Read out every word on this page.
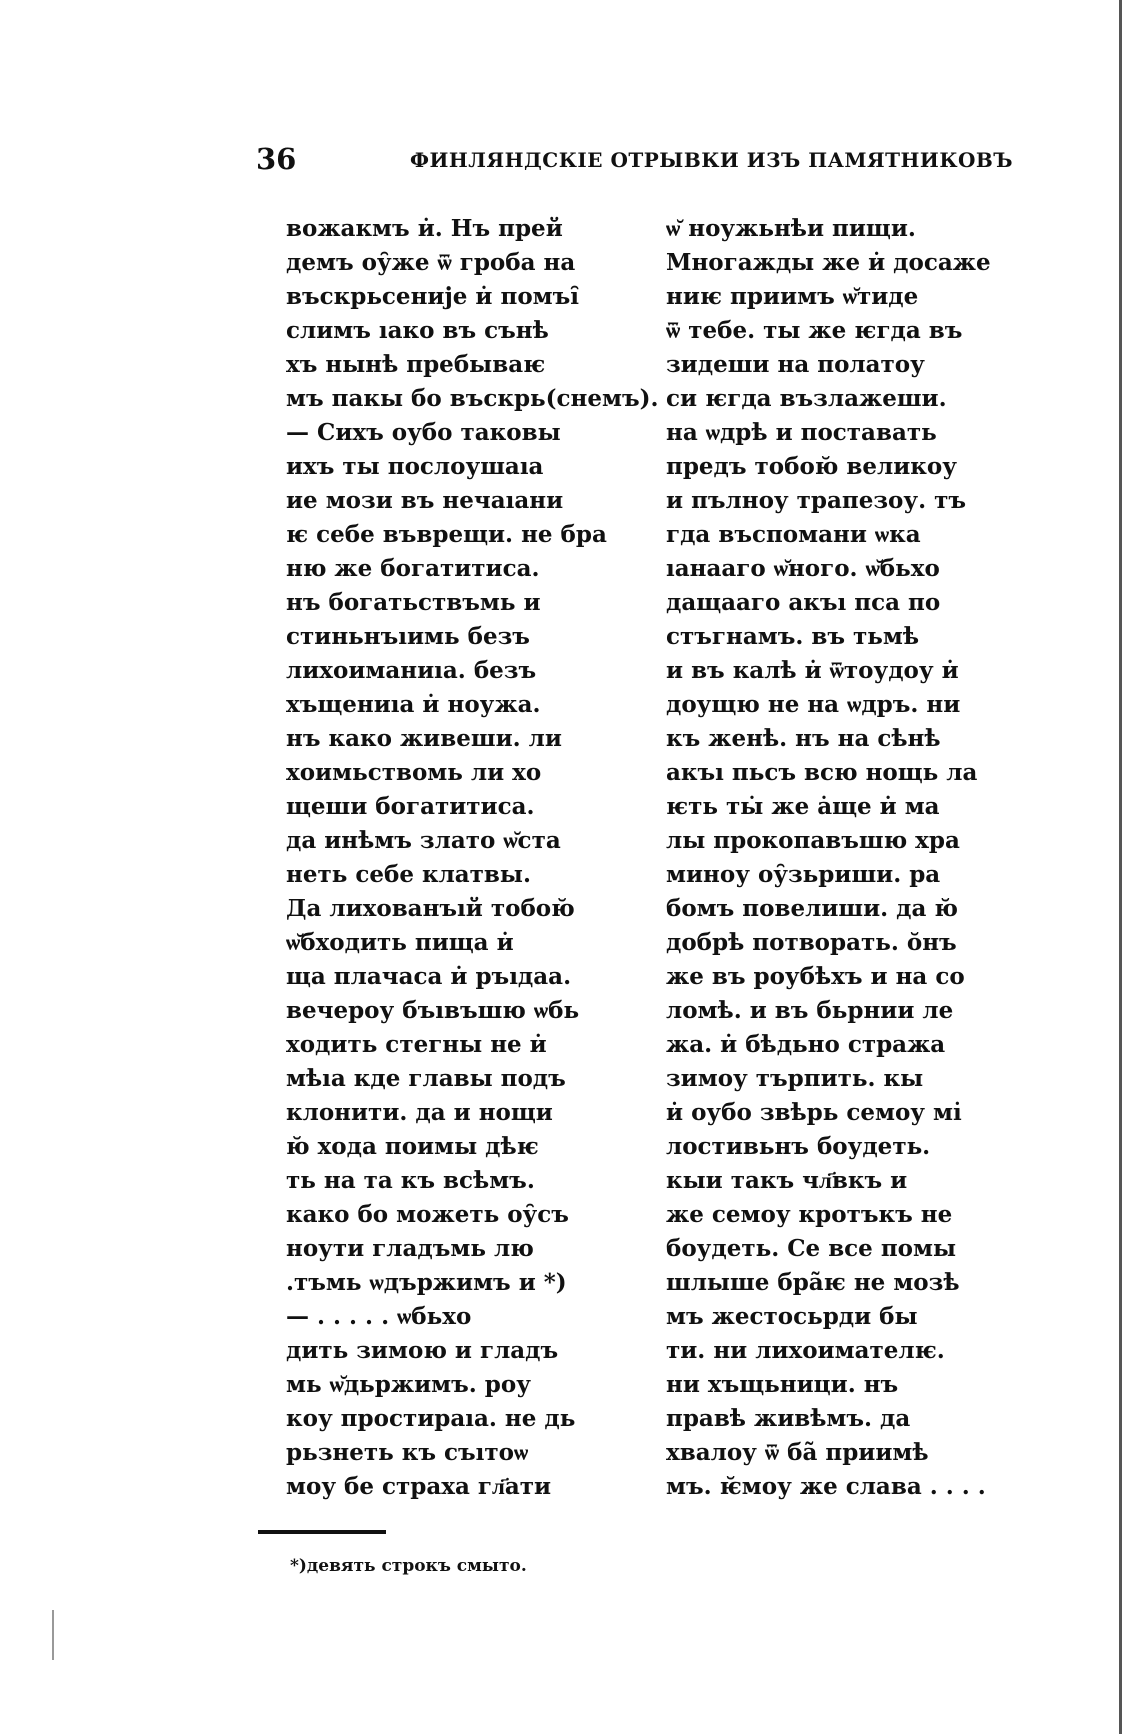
36	ФИНЛЯНДСКІЕ ОТРЫВКИ ИЗЪ ПАМЯТНИКОВЪ
вожакмъ и̇. Нъ прей
демъ оу̑же ѿ гроба на
въскрьсеније и̇ помъı̑
слимъ ıако въ сънѣ
хъ нынѣ пребываѥ
мъ пакы бо въскрь(снемъ).
— Сихъ оубо таковы
ихъ ты послоушаıа
ие мози въ нечаıани
ѥ себе въврещи. не бра
ню же богатитиса.
нъ богатьствъмь и
стиньнъıимь безъ
лихоиманиıа. безъ
хъщениıа и̇ ноужа.
нъ како живеши. ли
хоимьствомь ли хо
щеши богатитиса.
да инѣмъ злато ѡ̆ста
неть себе клатвы.
Да лихованъıй тобою̆
ѡ̆бходить пища и̇
ща плачаса и̇ ръıдаа.
вечероу бъıвъшю ѡбь
ходить стегны не и̇
мѣıа кде главы подъ
клонити. да и нощи
ю̆ хода поимы дѣѥ
ть на та къ всѣмъ.
како бо можеть оу̑съ
ноути гладъмь лю
.тъмь ѡдържимъ и *)
— . . . . . ѡбьхо
дить зимою и гладъ
мь ѡ̆дьржимъ. роу
коу простираıа. не дь
рьзнеть къ съıтоѡ
моу бе страха гл҃ати
ѡ̆ ноужьнѣи пищи.
Многажды же и̇ досаже
ниѥ приимъ ѡ̆тиде
ѿ тебе. ты же ѥгда въ
зидеши на полатоу
си ѥгда възлажеши.
на ѡдрѣ и поставать
предъ тобою̆ великоу
и пълноу трапезоу. тъ
гда въспомани ѡка
ıанааго ѡ̆ного. ѡ̆бьхо
дащааго акъı пса по
стъгнамъ. въ тьмѣ
и въ калѣ и̇ ѿтоудоу и̇
доущю не на ѡдръ. ни
къ женѣ. нъ на сѣнѣ
акъı пьсъ всю нощь ла
ѥть ты̇ же а̇ще и̇ ма
лы прокопавъшю хра
миноу оу̑зьриши. ра
бомъ повелиши. да ю̆
добрѣ потворать. о̆нъ
же въ роубѣхъ и на со
ломѣ. и въ бьрнии ле
жа. и̇ бѣдьно стража
зимоу търпить. кы
и̇ оубо звѣрь семоу мі̇
лостивьнъ боудеть.
кыи такъ чл҃вкъ и
же семоу кротъкъ не
боудеть. Се все помы
шлыше бра̃ѥ не мозѣ
мъ жестосьрди бы
ти. ни лихоимателѥ.
ни хъщьници. нъ
правѣ живѣмъ. да
хвалоу ѿ ба̃ приимѣ
мъ. ѥ̆моу же слава . . . .
*)девять строкъ смыто.
